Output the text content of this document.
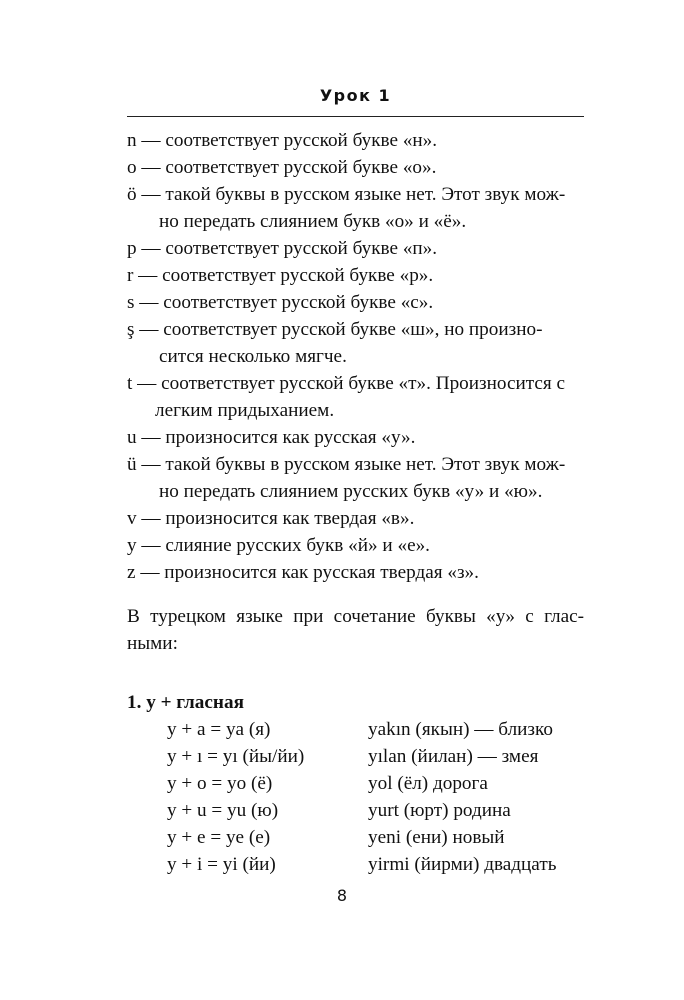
Урок 1
n — соответствует русской букве «н».
o — соответствует русской букве «о».
ö — такой буквы в русском языке нет. Этот звук мож-
но передать слиянием букв «о» и «ё».
p — соответствует русской букве «п».
r — соответствует русской букве «р».
s — соответствует русской букве «с».
ş — соответствует русской букве «ш», но произно-
сится несколько мягче.
t — соответствует русской букве «т». Произносится с
легким придыханием.
u — произносится как русская «у».
ü — такой буквы в русском языке нет. Этот звук мож-
но передать слиянием русских букв «у» и «ю».
v — произносится как твердая «в».
y — слияние русских букв «й» и «е».
z — произносится как русская твердая «з».
В турецком языке при сочетание буквы «y» с глас-
ными:
1. y + гласная
y + a = ya (я)	yakın (якын) — близко
y + ı = yı (йы/йи)	yılan (йилан) — змея
y + o = yo (ё)	yol (ёл) дорога
y + u = yu (ю)	yurt (юрт) родина
y + e = ye (е)	yeni (ени) новый
y + i = yi (йи)	yirmi (йирми) двадцать
8
